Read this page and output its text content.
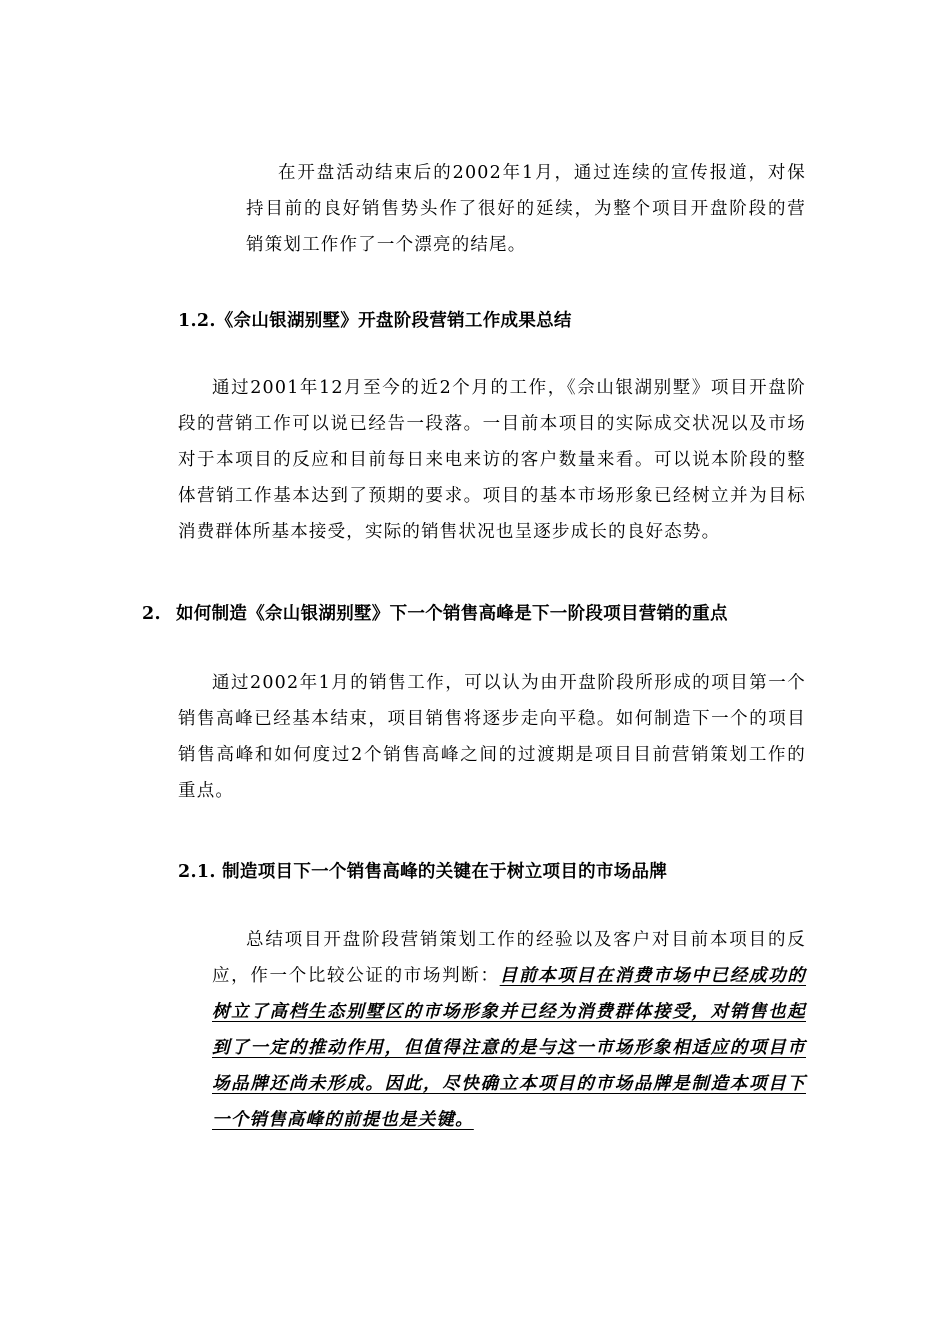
在开盘活动结束后的2002年1月，通过连续的宣传报道，对保持目前的良好销售势头作了很好的延续，为整个项目开盘阶段的营销策划工作作了一个漂亮的结尾。

1.2.《佘山银湖别墅》开盘阶段营销工作成果总结

通过2001年12月至今的近2个月的工作，《佘山银湖别墅》项目开盘阶段的营销工作可以说已经告一段落。一目前本项目的实际成交状况以及市场对于本项目的反应和目前每日来电来访的客户数量来看。可以说本阶段的整体营销工作基本达到了预期的要求。项目的基本市场形象已经树立并为目标消费群体所基本接受，实际的销售状况也呈逐步成长的良好态势。

2. 如何制造《佘山银湖别墅》下一个销售高峰是下一阶段项目营销的重点

通过2002年1月的销售工作，可以认为由开盘阶段所形成的项目第一个销售高峰已经基本结束，项目销售将逐步走向平稳。如何制造下一个的项目销售高峰和如何度过2个销售高峰之间的过渡期是项目目前营销策划工作的重点。

2.1. 制造项目下一个销售高峰的关键在于树立项目的市场品牌

总结项目开盘阶段营销策划工作的经验以及客户对目前本项目的反应，作一个比较公证的市场判断：目前本项目在消费市场中已经成功的树立了高档生态别墅区的市场形象并已经为消费群体接受，对销售也起到了一定的推动作用，但值得注意的是与这一市场形象相适应的项目市场品牌还尚未形成。因此，尽快确立本项目的市场品牌是制造本项目下一个销售高峰的前提也是关键。
